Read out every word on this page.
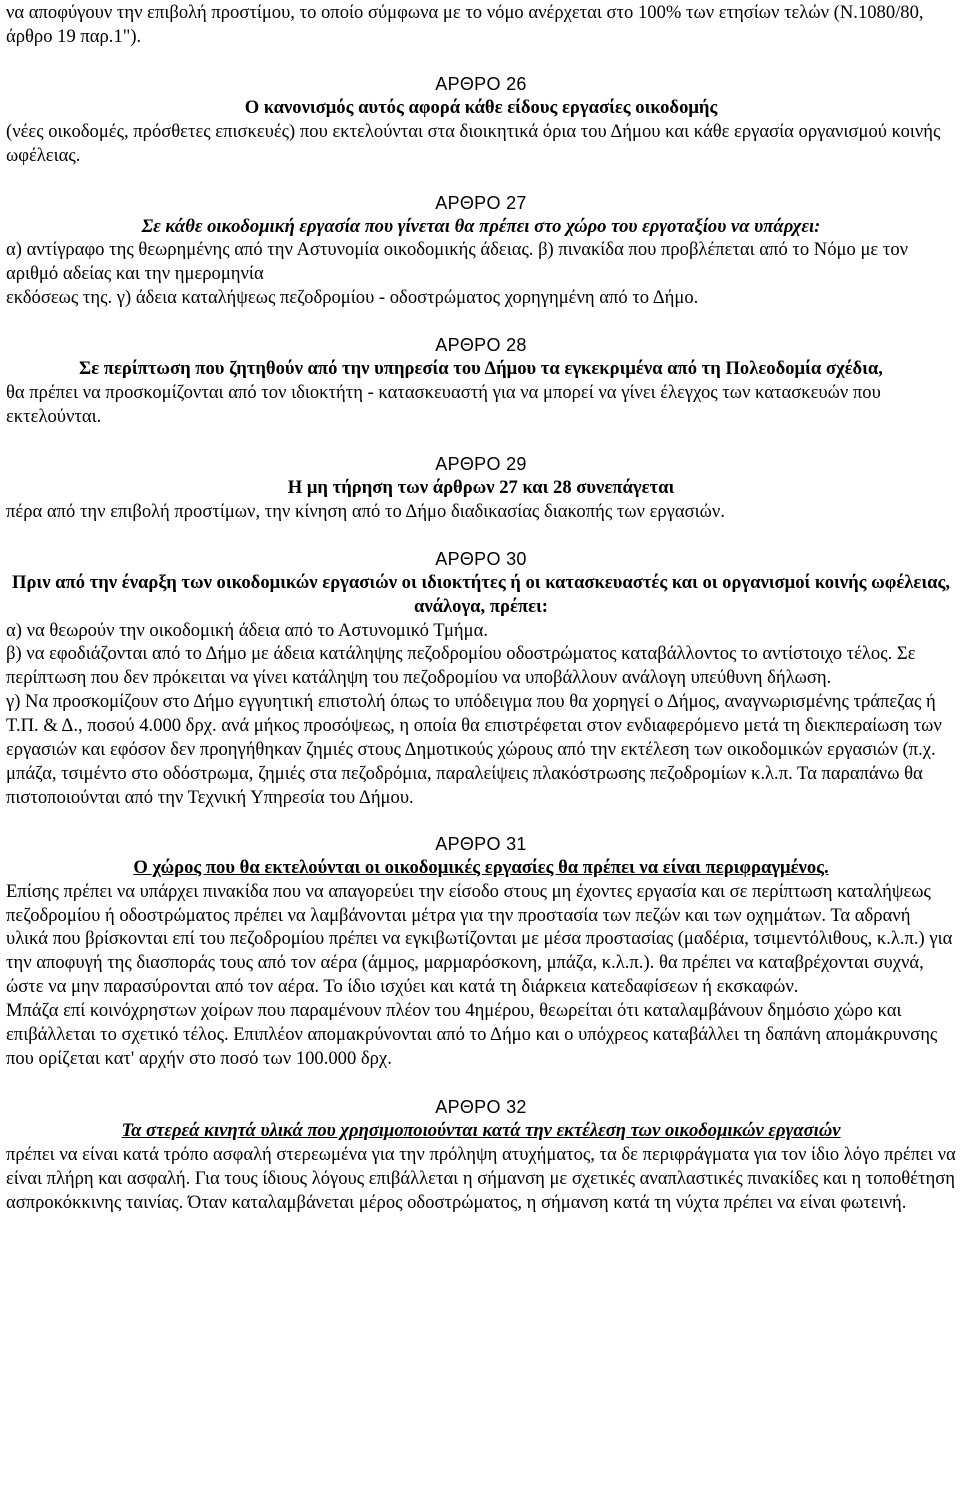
να αποφύγουν την επιβολή προστίμου, το οποίο σύμφωνα με το νόμο ανέρχεται στο 100% των ετησίων τελών (Ν.1080/80, άρθρο 19 παρ.1").

ΑΡΘΡΟ 26

Ο κανονισμός αυτός αφορά κάθε είδους εργασίες οικοδομής

(νέες οικοδομές, πρόσθετες επισκευές) που εκτελούνται στα διοικητικά όρια του Δήμου και κάθε εργασία οργανισμού κοινής ωφέλειας.

ΑΡΘΡΟ 27

Σε κάθε οικοδομική εργασία που γίνεται θα πρέπει στο χώρο του εργοταξίου να υπάρχει:

α) αντίγραφο της θεωρημένης από την Αστυνομία οικοδομικής άδειας. β) πινακίδα που προβλέπεται από το Νόμο με τον αριθμό αδείας και την ημερομηνία

εκδόσεως της. γ) άδεια καταλήψεως πεζοδρομίου - οδοστρώματος χορηγημένη από το Δήμο.

ΑΡΘΡΟ 28

Σε περίπτωση που ζητηθούν από την υπηρεσία του Δήμου τα εγκεκριμένα από τη Πολεοδομία σχέδια,

θα πρέπει να προσκομίζονται από τον ιδιοκτήτη - κατασκευαστή για να μπορεί να γίνει έλεγχος των κατασκευών που εκτελούνται.

ΑΡΘΡΟ 29

Η μη τήρηση των άρθρων 27 και 28 συνεπάγεται

πέρα από την επιβολή προστίμων, την κίνηση από το Δήμο διαδικασίας διακοπής των εργασιών.

ΑΡΘΡΟ 30

Πριν από την έναρξη των οικοδομικών εργασιών οι ιδιοκτήτες ή οι κατασκευαστές και οι οργανισμοί κοινής ωφέλειας, ανάλογα, πρέπει:

α) να θεωρούν την οικοδομική άδεια από το Αστυνομικό Τμήμα.

β) να εφοδιάζονται από το Δήμο με άδεια κατάληψης πεζοδρομίου οδοστρώματος καταβάλλοντος το αντίστοιχο τέλος. Σε περίπτωση που δεν πρόκειται να γίνει κατάληψη του πεζοδρομίου να υποβάλλουν ανάλογη υπεύθυνη δήλωση.

γ) Να προσκομίζουν στο Δήμο εγγυητική επιστολή όπως το υπόδειγμα που θα χορηγεί ο Δήμος, αναγνωρισμένης τράπεζας ή Τ.Π. & Δ., ποσού 4.000 δρχ. ανά μήκος προσόψεως, η οποία θα επιστρέφεται στον ενδιαφερόμενο μετά τη διεκπεραίωση των εργασιών και εφόσον δεν προηγήθηκαν ζημιές στους Δημοτικούς χώρους από την εκτέλεση των οικοδομικών εργασιών (π.χ. μπάζα, τσιμέντο στο οδόστρωμα, ζημιές στα πεζοδρόμια, παραλείψεις πλακόστρωσης πεζοδρομίων κ.λ.π. Τα παραπάνω θα πιστοποιούνται από την Τεχνική Υπηρεσία του Δήμου.

ΑΡΘΡΟ 31

Ο χώρος που θα εκτελούνται οι οικοδομικές εργασίες θα πρέπει να είναι περιφραγμένος.

Επίσης πρέπει να υπάρχει πινακίδα που να απαγορεύει την είσοδο στους μη έχοντες εργασία και σε περίπτωση καταλήψεως πεζοδρομίου ή οδοστρώματος πρέπει να λαμβάνονται μέτρα για την προστασία των πεζών και των οχημάτων. Τα αδρανή υλικά που βρίσκονται επί του πεζοδρομίου πρέπει να εγκιβωτίζονται με μέσα προστασίας (μαδέρια, τσιμεντόλιθους, κ.λ.π.) για την αποφυγή της διασποράς τους από τον αέρα (άμμος, μαρμαρόσκονη, μπάζα, κ.λ.π.). θα πρέπει να καταβρέχονται συχνά, ώστε να μην παρασύρονται από τον αέρα. Το ίδιο ισχύει και κατά τη διάρκεια κατεδαφίσεων ή εκσκαφών.

Μπάζα επί κοινόχρηστων χοίρων που παραμένουν πλέον του 4ημέρου, θεωρείται ότι καταλαμβάνουν δημόσιο χώρο και επιβάλλεται το σχετικό τέλος. Επιπλέον απομακρύνονται από το Δήμο και ο υπόχρεος καταβάλλει τη δαπάνη απομάκρυνσης που ορίζεται κατ' αρχήν στο ποσό των 100.000 δρχ.

ΑΡΘΡΟ 32

Τα στερεά κινητά υλικά που χρησιμοποιούνται κατά την εκτέλεση των οικοδομικών εργασιών

πρέπει να είναι κατά τρόπο ασφαλή στερεωμένα για την πρόληψη ατυχήματος, τα δε περιφράγματα για τον ίδιο λόγο πρέπει να είναι πλήρη και ασφαλή. Για τους ίδιους λόγους επιβάλλεται η σήμανση με σχετικές αναπλαστικές πινακίδες και η τοποθέτηση ασπροκόκκινης ταινίας. Όταν καταλαμβάνεται μέρος οδοστρώματος, η σήμανση κατά τη νύχτα πρέπει να είναι φωτεινή.
